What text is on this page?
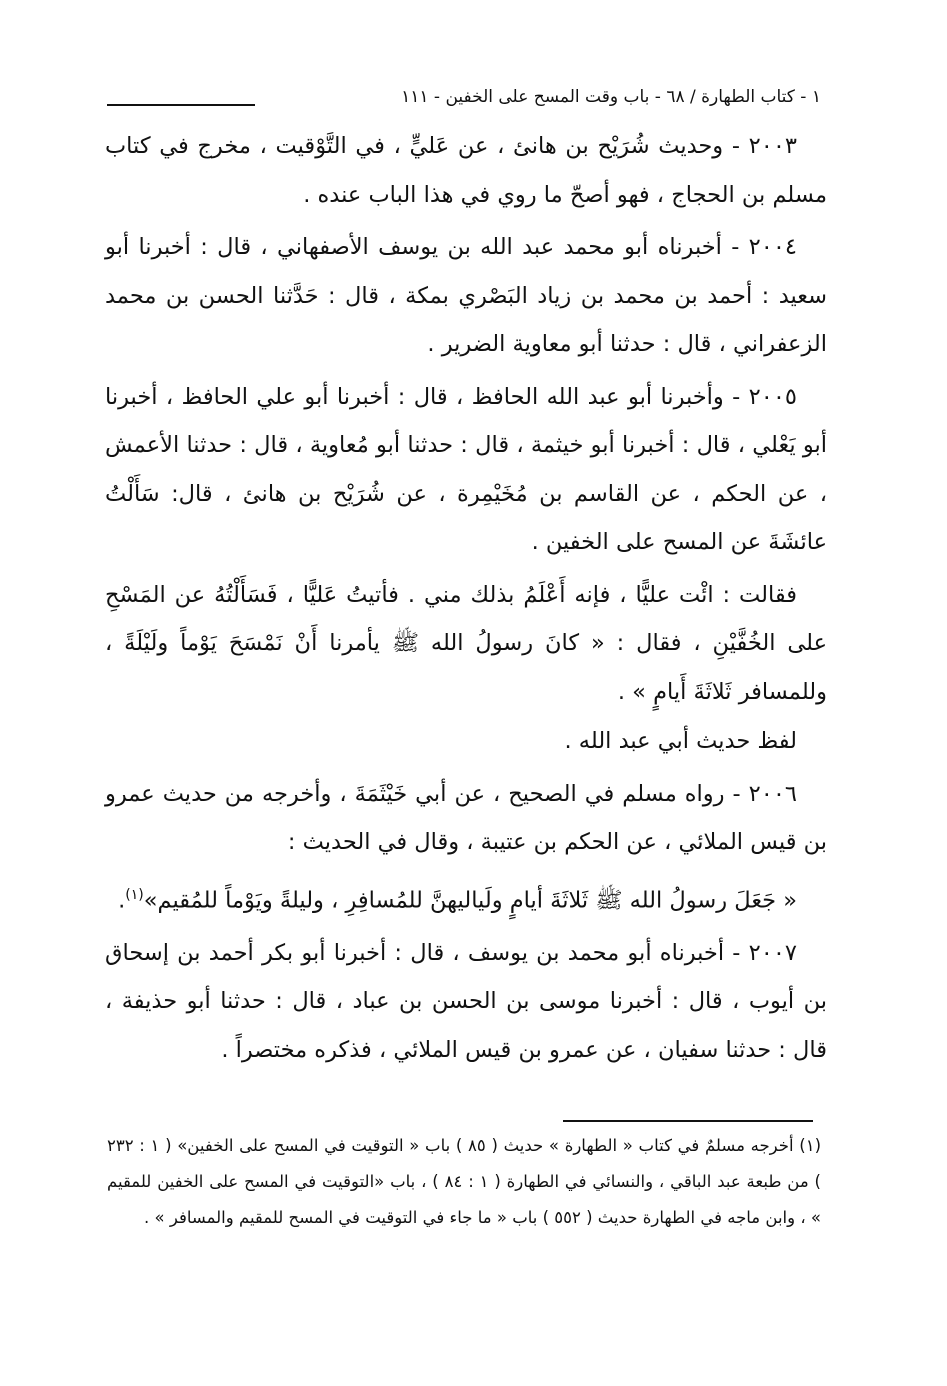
١ - كتاب الطهارة / ٦٨ - باب وقت المسح على الخفين - ١١١
٢٠٠٣ - وحديث شُرَيْح بن هانئ ، عن عَليٍّ ، في التَّوْقيت ، مخرج في كتاب مسلم بن الحجاج ، فهو أصحّ ما روي في هذا الباب عنده .
٢٠٠٤ - أخبرناه أبو محمد عبد الله بن يوسف الأصفهاني ، قال : أخبرنا أبو سعيد : أحمد بن محمد بن زياد البَصْري بمكة ، قال : حَدَّثنا الحسن بن محمد الزعفراني ، قال : حدثنا أبو معاوية الضرير .
٢٠٠٥ - وأخبرنا أبو عبد الله الحافظ ، قال : أخبرنا أبو علي الحافظ ، أخبرنا أبو يَعْلي ، قال : أخبرنا أبو خيثمة ، قال : حدثنا أبو مُعاوية ، قال : حدثنا الأعمش ، عن الحكم ، عن القاسم بن مُخَيْمِرة ، عن شُرَيْح بن هانئ ، قال: سَأَلْتُ عائشَةَ عن المسح على الخفين .
فقالت : ائْت عليًّا ، فإنه أَعْلَمُ بذلك مني . فأتيتُ عَليًّا ، فَسَأَلْتُهُ عن المَسْحِ على الخُفَّيْنِ ، فقال : « كانَ رسولُ الله ﷺ يأمرنا أَنْ نَمْسَحَ يَوْماً ولَيْلَةً ، وللمسافر ثَلاثَةَ أَيامٍ » .
لفظ حديث أبي عبد الله .
٢٠٠٦ - رواه مسلم في الصحيح ، عن أبي خَيْثَمَةَ ، وأخرجه من حديث عمرو بن قيس الملائي ، عن الحكم بن عتيبة ، وقال في الحديث :
« جَعَلَ رسولُ الله ﷺ ثَلاثَةَ أيامٍ ولَياليهنَّ للمُسافِرِ ، وليلةً ويَوْماً للمُقيم»$^{(١)}$.
٢٠٠٧ - أخبرناه أبو محمد بن يوسف ، قال : أخبرنا أبو بكر أحمد بن إسحاق بن أيوب ، قال : أخبرنا موسى بن الحسن بن عباد ، قال : حدثنا أبو حذيفة ، قال : حدثنا سفيان ، عن عمرو بن قيس الملائي ، فذكره مختصراً .
(١) أخرجه مسلمٌ في كتاب « الطهارة » حديث ( ٨٥ ) باب « التوقيت في المسح على الخفين» ( ١ : ٢٣٢ ) من طبعة عبد الباقي ، والنسائي في الطهارة ( ١ : ٨٤ ) ، باب «التوقيت في المسح على الخفين للمقيم » ، وابن ماجه في الطهارة حديث ( ٥٥٢ ) باب « ما جاء في التوقيت في المسح للمقيم والمسافر » .
